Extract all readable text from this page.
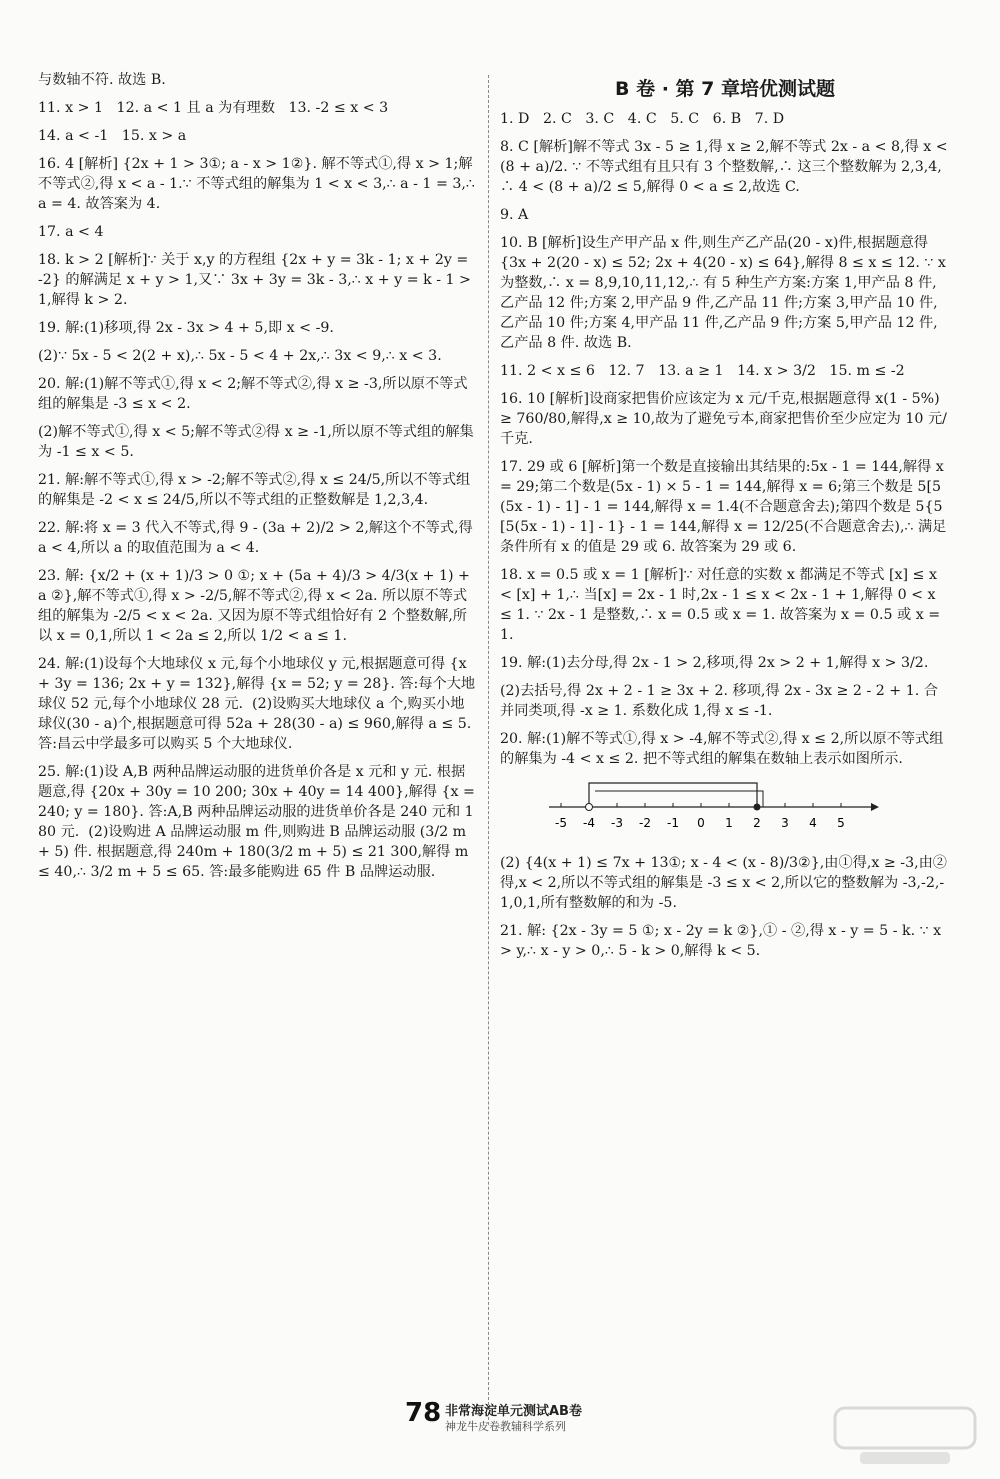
与数轴不符. 故选 B.

11. x > 1   12. a < 1 且 a 为有理数   13. -2 ≤ x < 3

14. a < -1   15. x > a

16. 4 [解析] {2x + 1 > 3①; a - x > 1②}. 解不等式①,得 x > 1;解不等式②,得 x < a - 1.∵ 不等式组的解集为 1 < x < 3,∴ a - 1 = 3,∴ a = 4. 故答案为 4.

17. a < 4

18. k > 2 [解析]∵ 关于 x,y 的方程组 {2x + y = 3k - 1; x + 2y = -2} 的解满足 x + y > 1,又∵ 3x + 3y = 3k - 3,∴ x + y = k - 1 > 1,解得 k > 2.

19. 解:(1)移项,得 2x - 3x > 4 + 5,即 x < -9.

(2)∵ 5x - 5 < 2(2 + x),∴ 5x - 5 < 4 + 2x,∴ 3x < 9,∴ x < 3.

20. 解:(1)解不等式①,得 x < 2;解不等式②,得 x ≥ -3,所以原不等式组的解集是 -3 ≤ x < 2.

(2)解不等式①,得 x < 5;解不等式②得 x ≥ -1,所以原不等式组的解集为 -1 ≤ x < 5.

21. 解:解不等式①,得 x > -2;解不等式②,得 x ≤ 24/5,所以不等式组的解集是 -2 < x ≤ 24/5,所以不等式组的正整数解是 1,2,3,4.

22. 解:将 x = 3 代入不等式,得 9 - (3a + 2)/2 > 2,解这个不等式,得 a < 4,所以 a 的取值范围为 a < 4.

23. 解: {x/2 + (x + 1)/3 > 0 ①; x + (5a + 4)/3 > 4/3(x + 1) + a ②},解不等式①,得 x > -2/5,解不等式②,得 x < 2a. 所以原不等式组的解集为 -2/5 < x < 2a. 又因为原不等式组恰好有 2 个整数解,所以 x = 0,1,所以 1 < 2a ≤ 2,所以 1/2 < a ≤ 1.

24. 解:(1)设每个大地球仪 x 元,每个小地球仪 y 元,根据题意可得 {x + 3y = 136; 2x + y = 132},解得 {x = 52; y = 28}. 答:每个大地球仪 52 元,每个小地球仪 28 元.  (2)设购买大地球仪 a 个,购买小地球仪(30 - a)个,根据题意可得 52a + 28(30 - a) ≤ 960,解得 a ≤ 5. 答:昌云中学最多可以购买 5 个大地球仪.

25. 解:(1)设 A,B 两种品牌运动服的进货单价各是 x 元和 y 元. 根据题意,得 {20x + 30y = 10 200; 30x + 40y = 14 400},解得 {x = 240; y = 180}. 答:A,B 两种品牌运动服的进货单价各是 240 元和 180 元.  (2)设购进 A 品牌运动服 m 件,则购进 B 品牌运动服 (3/2 m + 5) 件. 根据题意,得 240m + 180(3/2 m + 5) ≤ 21 300,解得 m ≤ 40,∴ 3/2 m + 5 ≤ 65. 答:最多能购进 65 件 B 品牌运动服.

B 卷 · 第 7 章培优测试题

1. D   2. C   3. C   4. C   5. C   6. B   7. D

8. C [解析]解不等式 3x - 5 ≥ 1,得 x ≥ 2,解不等式 2x - a < 8,得 x < (8 + a)/2. ∵ 不等式组有且只有 3 个整数解,∴ 这三个整数解为 2,3,4,∴ 4 < (8 + a)/2 ≤ 5,解得 0 < a ≤ 2,故选 C.

9. A

10. B [解析]设生产甲产品 x 件,则生产乙产品(20 - x)件,根据题意得 {3x + 2(20 - x) ≤ 52; 2x + 4(20 - x) ≤ 64},解得 8 ≤ x ≤ 12. ∵ x 为整数,∴ x = 8,9,10,11,12,∴ 有 5 种生产方案:方案 1,甲产品 8 件,乙产品 12 件;方案 2,甲产品 9 件,乙产品 11 件;方案 3,甲产品 10 件,乙产品 10 件;方案 4,甲产品 11 件,乙产品 9 件;方案 5,甲产品 12 件,乙产品 8 件. 故选 B.

11. 2 < x ≤ 6   12. 7   13. a ≥ 1   14. x > 3/2   15. m ≤ -2

16. 10 [解析]设商家把售价应该定为 x 元/千克,根据题意得 x(1 - 5%) ≥ 760/80,解得,x ≥ 10,故为了避免亏本,商家把售价至少应定为 10 元/千克.

17. 29 或 6 [解析]第一个数是直接输出其结果的:5x - 1 = 144,解得 x = 29;第二个数是(5x - 1) × 5 - 1 = 144,解得 x = 6;第三个数是 5[5(5x - 1) - 1] - 1 = 144,解得 x = 1.4(不合题意舍去);第四个数是 5{5[5(5x - 1) - 1] - 1} - 1 = 144,解得 x = 12/25(不合题意舍去),∴ 满足条件所有 x 的值是 29 或 6. 故答案为 29 或 6.

18. x = 0.5 或 x = 1 [解析]∵ 对任意的实数 x 都满足不等式 [x] ≤ x < [x] + 1,∴ 当[x] = 2x - 1 时,2x - 1 ≤ x < 2x - 1 + 1,解得 0 < x ≤ 1. ∵ 2x - 1 是整数,∴ x = 0.5 或 x = 1. 故答案为 x = 0.5 或 x = 1.

19. 解:(1)去分母,得 2x - 1 > 2,移项,得 2x > 2 + 1,解得 x > 3/2.

(2)去括号,得 2x + 2 - 1 ≥ 3x + 2. 移项,得 2x - 3x ≥ 2 - 2 + 1. 合并同类项,得 -x ≥ 1. 系数化成 1,得 x ≤ -1.

20. 解:(1)解不等式①,得 x > -4,解不等式②,得 x ≤ 2,所以原不等式组的解集为 -4 < x ≤ 2. 把不等式组的解集在数轴上表示如图所示.

-5 -4 -3 -2 -1 0 1 2 3 4 5

(2) {4(x + 1) ≤ 7x + 13①; x - 4 < (x - 8)/3②},由①得,x ≥ -3,由②得,x < 2,所以不等式组的解集是 -3 ≤ x < 2,所以它的整数解为 -3,-2,-1,0,1,所有整数解的和为 -5.

21. 解: {2x - 3y = 5 ①; x - 2y = k ②},① - ②,得 x - y = 5 - k. ∵ x > y,∴ x - y > 0,∴ 5 - k > 0,解得 k < 5.

78 非常海淀单元测试AB卷
神龙牛皮卷教辅科学系列
